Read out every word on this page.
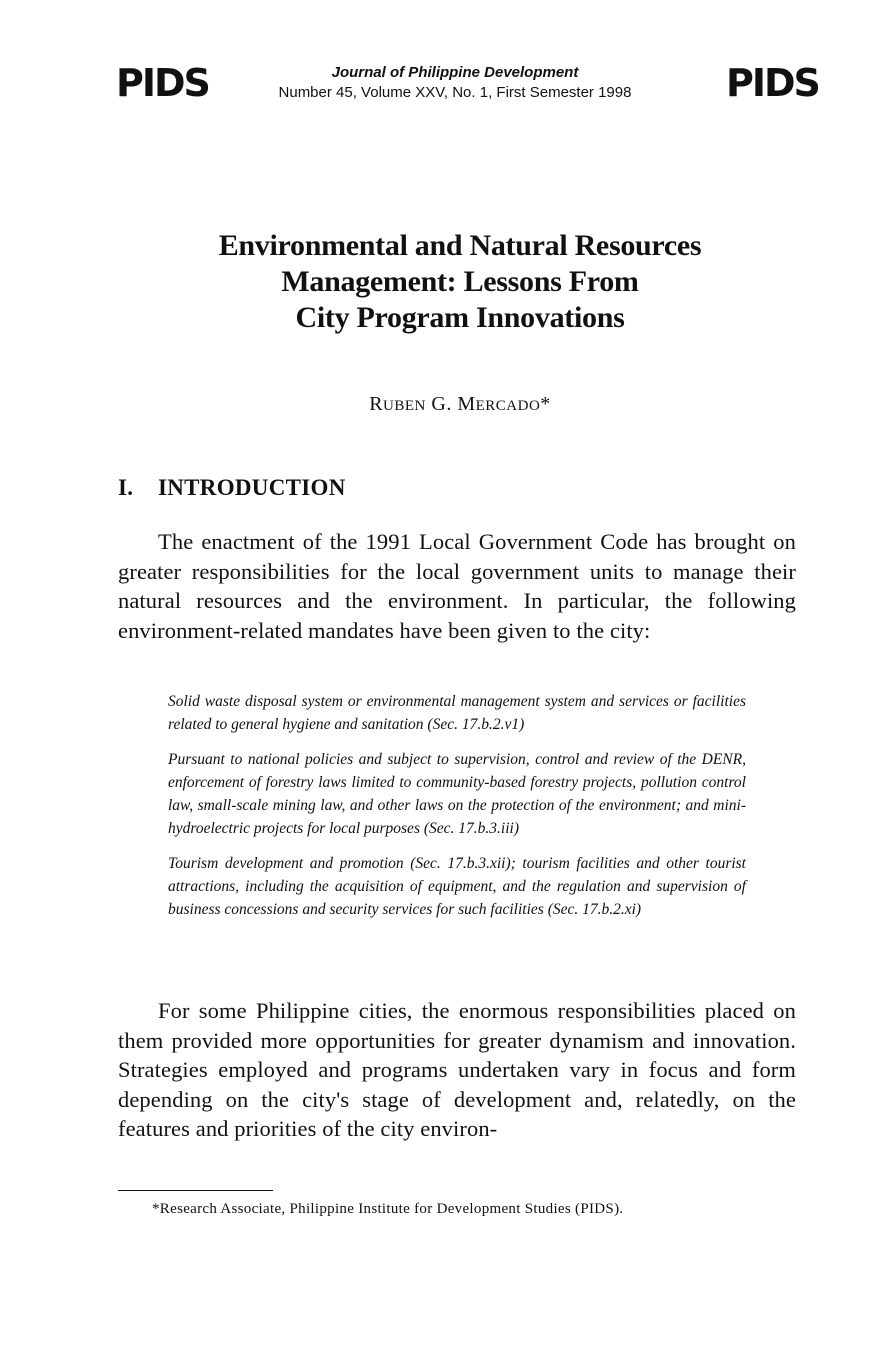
PIDS	PIDS
Journal of Philippine Development
Number 45, Volume XXV, No. 1, First Semester 1998
Environmental and Natural Resources
Management: Lessons From
City Program Innovations
RUBEN G. MERCADO*
I. INTRODUCTION

The enactment of the 1991 Local Government Code has brought on greater responsibilities for the local government units to manage their natural resources and the environment. In particular, the following environment-related mandates have been given to the city:

Solid waste disposal system or environmental management system and services or facilities related to general hygiene and sanitation (Sec. 17.b.2.v1)

Pursuant to national policies and subject to supervision, control and review of the DENR, enforcement of forestry laws limited to community-based forestry projects, pollution control law, small-scale mining law, and other laws on the protection of the environment; and mini-hydroelectric projects for local purposes (Sec. 17.b.3.iii)

Tourism development and promotion (Sec. 17.b.3.xii); tourism facilities and other tourist attractions, including the acquisition of equipment, and the regulation and supervision of business concessions and security services for such facilities (Sec. 17.b.2.xi)

For some Philippine cities, the enormous responsibilities placed on them provided more opportunities for greater dynamism and innovation. Strategies employed and programs undertaken vary in focus and form depending on the city's stage of development and, relatedly, on the features and priorities of the city environ-

*Research Associate, Philippine Institute for Development Studies (PIDS).
